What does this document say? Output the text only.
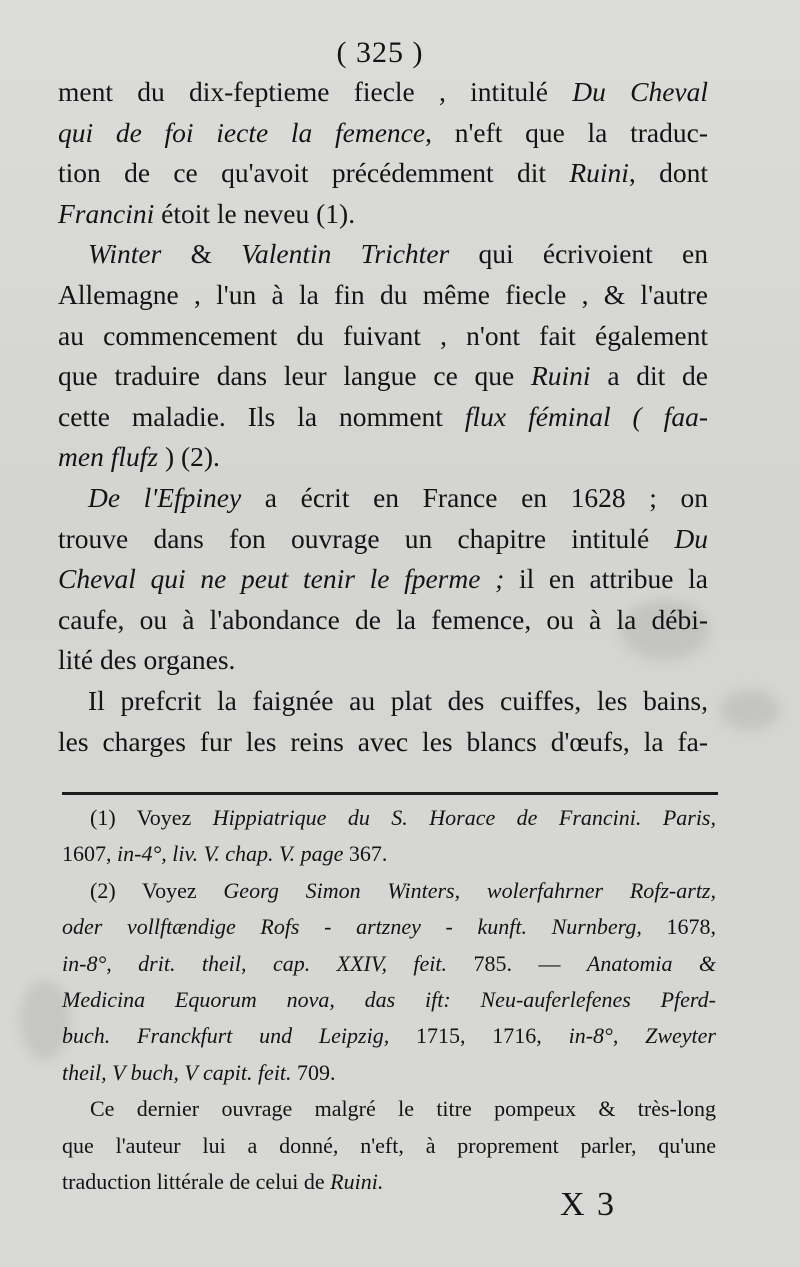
( 325 )
ment du dix-feptieme fiecle , intitulé Du Cheval
qui de foi iecte la femence, n'eft que la traduc-
tion de ce qu'avoit précédemment dit Ruini, dont
Francini étoit le neveu (1).
Winter & Valentin Trichter qui écrivoient en
Allemagne , l'un à la fin du même fiecle , & l'autre
au commencement du fuivant , n'ont fait également
que traduire dans leur langue ce que Ruini a dit de
cette maladie. Ils la nomment flux féminal ( faa-
men flufz ) (2).
De l'Efpiney a écrit en France en 1628 ; on
trouve dans fon ouvrage un chapitre intitulé Du
Cheval qui ne peut tenir le fperme ; il en attribue la
caufe, ou à l'abondance de la femence, ou à la débi-
lité des organes.
Il prefcrit la faignée au plat des cuiffes, les bains,
les charges fur les reins avec les blancs d'œufs, la fa-
(1) Voyez Hippiatrique du S. Horace de Francini. Paris,
1607, in-4°, liv. V. chap. V. page 367.
(2) Voyez Georg Simon Winters, wolerfahrner Rofz-artz,
oder vollftændige Rofs - artzney - kunft. Nurnberg, 1678,
in-8°, drit. theil, cap. XXIV, feit. 785. — Anatomia &
Medicina Equorum nova, das ift: Neu-auferlefenes Pferd-
buch. Franckfurt und Leipzig, 1715, 1716, in-8°, Zweyter
theil, V buch, V capit. feit. 709.
Ce dernier ouvrage malgré le titre pompeux & très-long
que l'auteur lui a donné, n'eft, à proprement parler, qu'une
traduction littérale de celui de Ruini.
X 3
